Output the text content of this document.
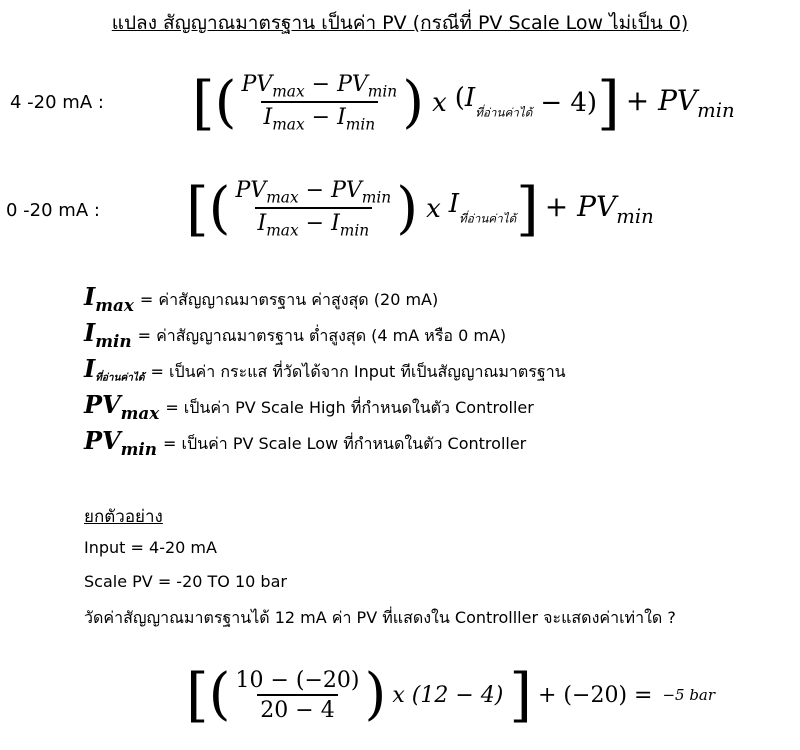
แปลง สัญญาณมาตรฐาน เป็นค่า PV (กรณีที่ PV Scale Low ไม่เป็น 0)
4 -20 mA : [ ( $\frac{PV_{max} - PV_{min}}{I_{max} - I_{min}}$ ) x $(I_{ที่อ่านค่าได้} - 4)$ ] + $PV_{min}$
0 -20 mA : [ ( $\frac{PV_{max} - PV_{min}}{I_{max} - I_{min}}$ ) x $I_{ที่อ่านค่าได้}$ ] + $PV_{min}$
$I_{max}$ = ค่าสัญญาณมาตรฐาน ค่าสูงสุด (20 mA)
$I_{min}$ = ค่าสัญญาณมาตรฐาน ต่ำสูงสุด (4 mA หรือ 0 mA)
$I_{ที่อ่านค่าได้}$ = เป็นค่า กระแส ที่วัดได้จาก Input ทีเป็นสัญญาณมาตรฐาน
$PV_{max}$ = เป็นค่า PV Scale High ที่กำหนดในตัว Controller
$PV_{min}$ = เป็นค่า PV Scale Low ที่กำหนดในตัว Controller
ยกตัวอย่าง
Input = 4-20 mA
Scale PV = -20 TO 10 bar
วัดค่าสัญญาณมาตรฐานได้ 12 mA ค่า PV ที่แสดงใน Controlller จะแสดงค่าเท่าใด ?
[ ( $\frac{10 - (-20)}{20 - 4}$ ) x (12 − 4) ] + (−20) = −5 bar
